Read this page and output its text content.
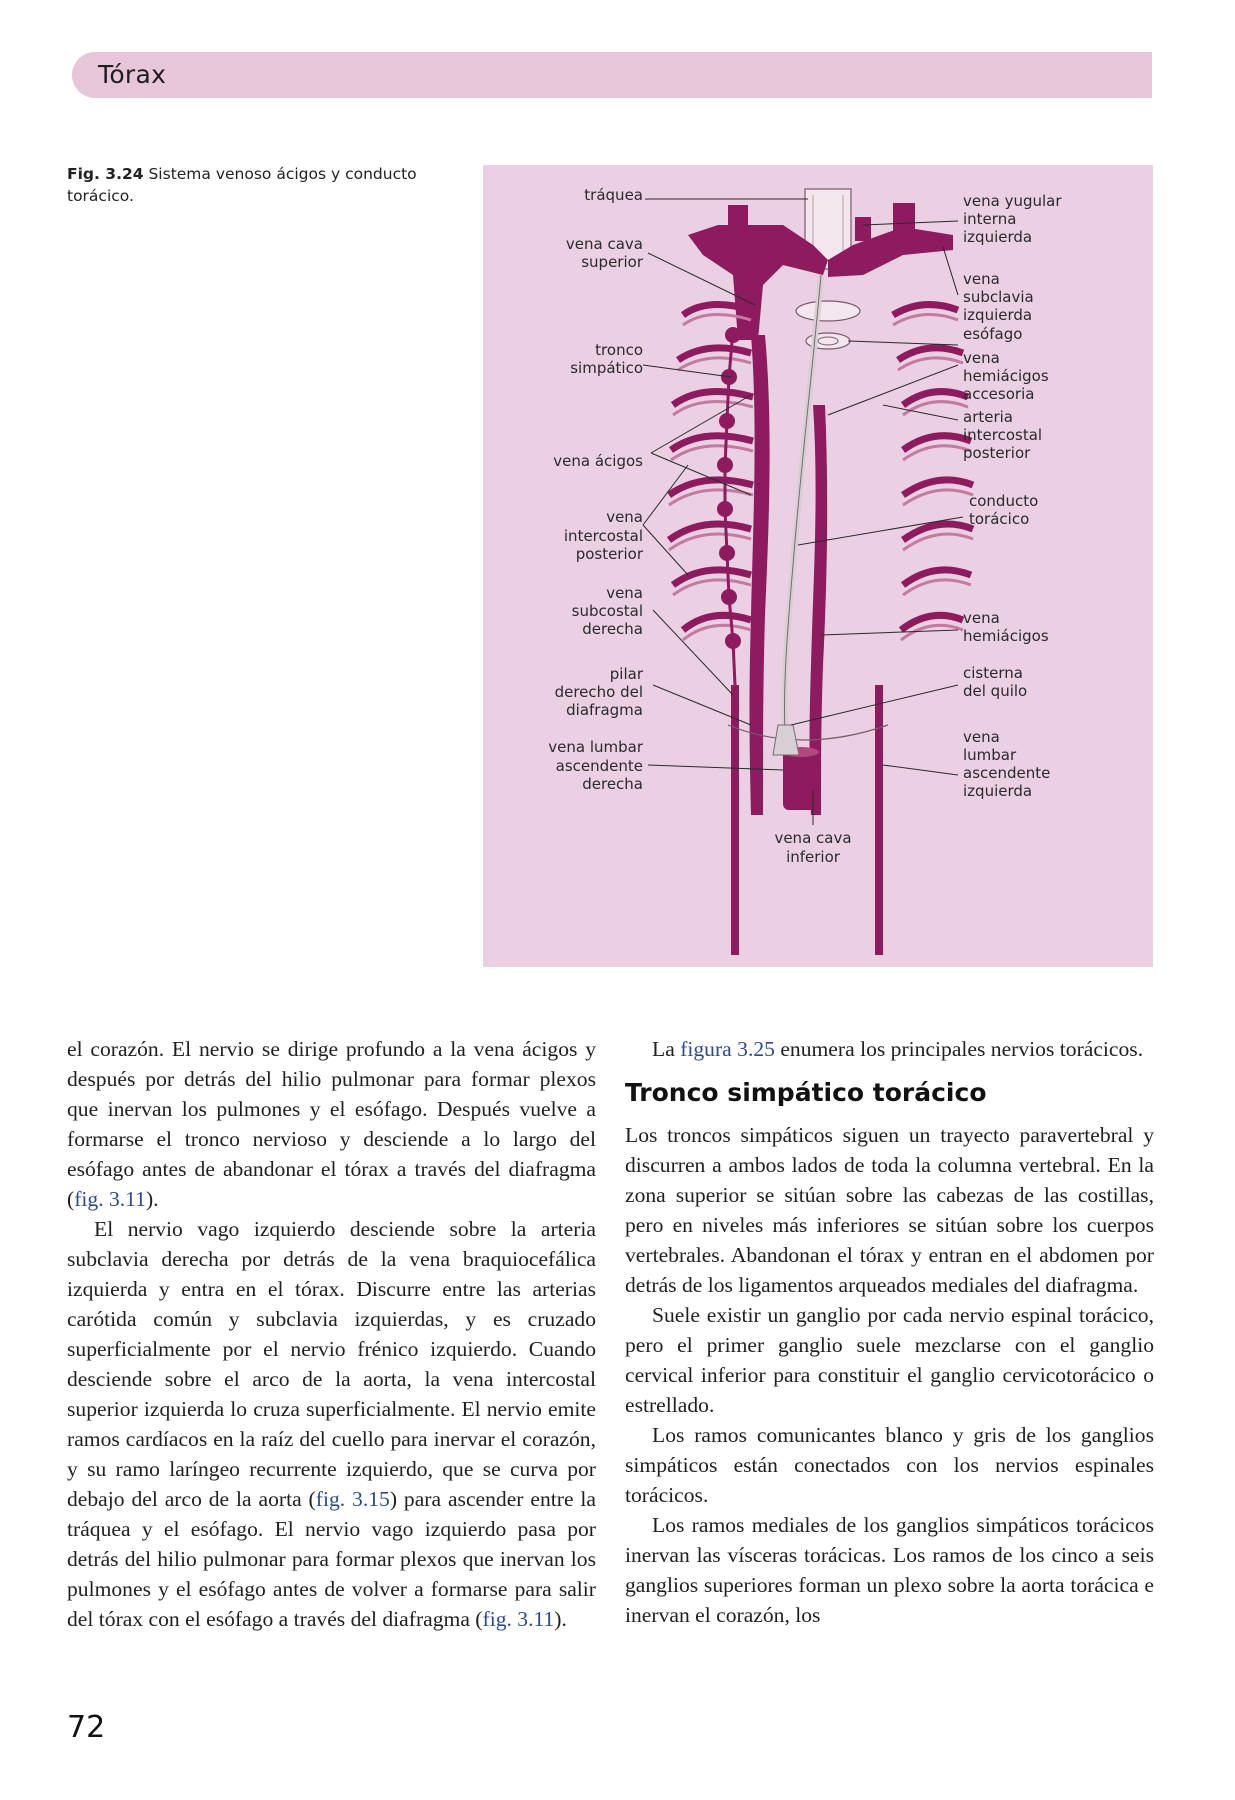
Tórax
Fig. 3.24 Sistema venoso ácigos y conducto torácico.	tráquea
vena cava
superior
tronco
simpático
vena ácigos
vena
intercostal
posterior
vena
subcostal
derecha
pilar
derecho del
diafragma
vena lumbar
ascendente
derecha
vena yugular
interna
izquierda
vena
subclavia
izquierda
esófago
vena
hemiácigos
accesoria
arteria
intercostal
posterior
conducto
torácico
vena
hemiácigos
cisterna
del quilo
vena
lumbar
ascendente
izquierda
vena cava
inferior

el corazón. El nervio se dirige profundo a la vena ácigos y después por detrás del hilio pulmonar para formar plexos que inervan los pulmones y el esófago. Después vuelve a formarse el tronco nervioso y desciende a lo largo del esófago antes de abandonar el tórax a través del diafragma (fig. 3.11).

El nervio vago izquierdo desciende sobre la arteria subclavia derecha por detrás de la vena braquiocefálica izquierda y entra en el tórax. Discurre entre las arterias carótida común y subclavia izquierdas, y es cruzado superficialmente por el nervio frénico izquierdo. Cuando desciende sobre el arco de la aorta, la vena intercostal superior izquierda lo cruza superficialmente. El nervio emite ramos cardíacos en la raíz del cuello para inervar el corazón, y su ramo laríngeo recurrente izquierdo, que se curva por debajo del arco de la aorta (fig. 3.15) para ascender entre la tráquea y el esófago. El nervio vago izquierdo pasa por detrás del hilio pulmonar para formar plexos que inervan los pulmones y el esófago antes de volver a formarse para salir del tórax con el esófago a través del diafragma (fig. 3.11).

La figura 3.25 enumera los principales nervios torácicos.

Tronco simpático torácico

Los troncos simpáticos siguen un trayecto paravertebral y discurren a ambos lados de toda la columna vertebral. En la zona superior se sitúan sobre las cabezas de las costillas, pero en niveles más inferiores se sitúan sobre los cuerpos vertebrales. Abandonan el tórax y entran en el abdomen por detrás de los ligamentos arqueados mediales del diafragma.

Suele existir un ganglio por cada nervio espinal torácico, pero el primer ganglio suele mezclarse con el ganglio cervical inferior para constituir el ganglio cervicotorácico o estrellado.

Los ramos comunicantes blanco y gris de los ganglios simpáticos están conectados con los nervios espinales torácicos.

Los ramos mediales de los ganglios simpáticos torácicos inervan las vísceras torácicas. Los ramos de los cinco a seis ganglios superiores forman un plexo sobre la aorta torácica e inervan el corazón, los

72
